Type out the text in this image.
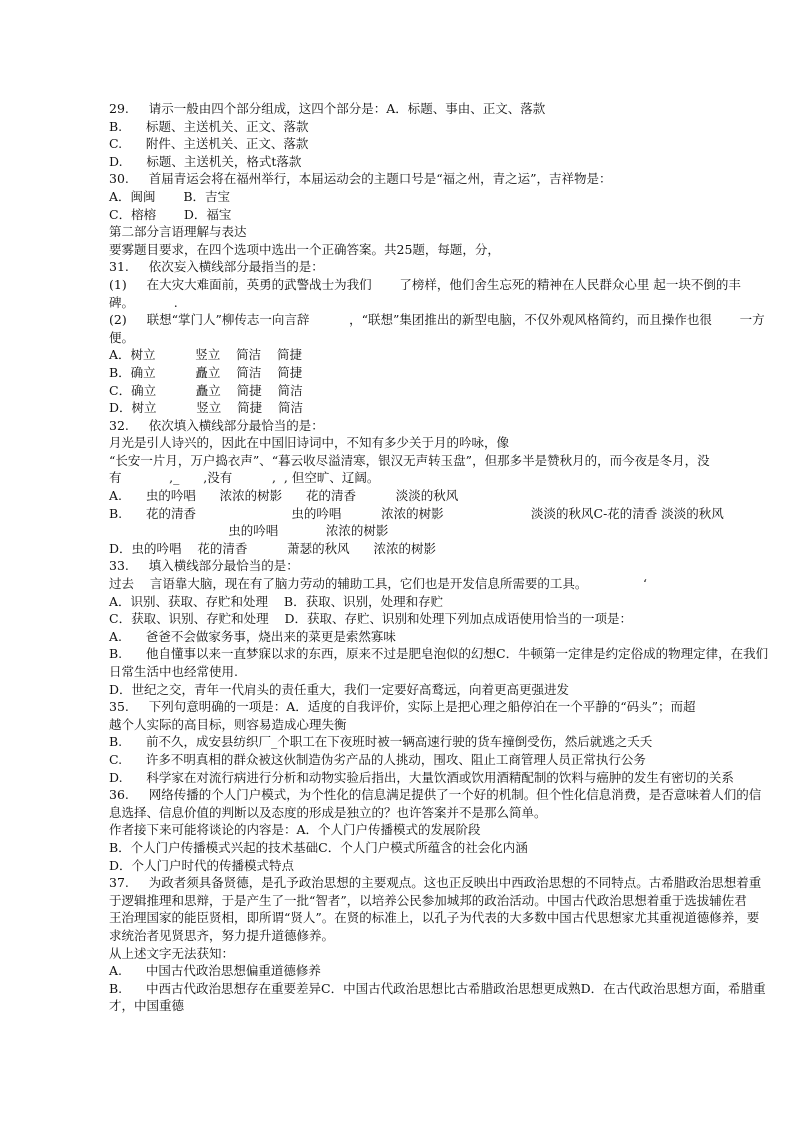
29.     请示一般由四个部分组成，这四个部分是：A．标题、事由、正文、落款
B.      标题、主送机关、正文、落款
C.      附件、主送机关、正文、落款
D.      标题、主送机关，格式t落款
30.     首届青运会将在福州举行，本届运动会的主题口号是“福之州，青之运”，吉祥物是：
A．闽闽       B．吉宝
C．榕榕       D．福宝
第二部分言语理解与表达
要雾题目要求，在四个选项中选出一个正确答案。共25题，每题，分，
31.     依次妄入横线部分最指当的是：
(1)     在大灾大难面前，英勇的武警战士为我们       了榜样，他们舍生忘死的精神在人民群众心里 起一块不倒的丰碑。          .
(2)     联想“掌门人”柳传志一向言辞          ，“联想”集团推出的新型电脑，不仅外观风格简约，而且操作也很       一方便。
A．树立          竖立    简洁    简捷
B．确立          矗立    简洁    简捷
C．确立          矗立    简捷    简洁
D．树立          竖立    简捷    简洁
32.     依次填入横线部分最恰当的是：
月光是引人诗兴的，因此在中国旧诗词中，不知有多少关于月的吟咏，像
“长安一片月，万户捣衣声”、“暮云收尽溢清寒，银汉无声转玉盘”，但那多半是赞秋月的，而今夜是冬月，没有            ,_      ,没有          ,  , 但空旷、辽阔。
A.      虫的吟唱      浓浓的树影      花的清香          淡淡的秋风
B.      花的清香                        虫的吟唱          浓浓的树影                      淡淡的秋风C-花的清香 淡淡的秋风
虫的吟唱            浓浓的树影
D．虫的吟唱    花的清香          萧瑟的秋风      浓浓的树影
33.     填入横线部分最恰当的是：
过去    言语靠大脑，现在有了脑力劳动的辅助工具，它们也是开发信息所需要的工具。              ‘
A．识别、获取、存贮和处理    B．获取、识别，处理和存贮
C．获取、识别、存贮和处理    D．获取、存贮、识别和处理下列加点成语使用恰当的一项是：
A.      爸爸不会做家务事，烧出来的菜更是索然寡味
B.      他自懂事以来一直梦寐以求的东西，原来不过是肥皂泡似的幻想C．牛顿第一定律是约定俗成的物理定律，在我们日常生活中也经常使用.
D．世纪之交，青年一代肩头的责任重大，我们一定要好高鹜远，向着更高更强进发
35.     下列句意明确的一项是：A．适度的自我评价，实际上是把心理之船停泊在一个平静的“码头”；而超
越个人实际的高目标，则容易造成心理失衡
B.      前不久，成安县纺织厂_个职工在下夜班时被一辆高速行驶的货车撞倒受伤，然后就逃之夭夭
C.      许多不明真相的群众被这伙制造伪劣产品的人挑动，围攻、阻止工商管理人员正常执行公务
D.      科学家在对流行病进行分析和动物实验后指出，大量饮酒或饮用酒精配制的饮料与癌肿的发生有密切的关系
36.     网络传播的个人门户模式，为个性化的信息满足提供了一个好的机制。但个性化信息消费，是否意味着人们的信息选择、信息价值的判断以及态度的形成是独立的？也许答案并不是那么简单。
作者接下来可能将谈论的内容是：A．个人门户传播模式的发展阶段
B．个人门户传播模式兴起的技术基础C．个人门户模式所蕴含的社会化内涵
D．个人门户时代的传播模式特点
37.     为政者须具备贤德，是孔予政治思想的主要观点。这也正反映出中西政治思想的不同特点。古希腊政治思想着重于逻辑推理和思辩，于是产生了一批“智者”，以培养公民参加城邦的政治活动。中国古代政治思想着重于选拔辅佐君
王治理国家的能臣贤相，即所谓“贤人”。在贤的标准上，以孔子为代表的大多数中国古代思想家尤其重视道德修养，要求统治者见贤思齐，努力提升道德修养。
从上述文字无法获知：
A.      中国古代政治思想偏重道德修养
B.      中西古代政治思想存在重要差异C．中国古代政治思想比古希腊政治思想更成熟D．在古代政治思想方面，希腊重才，中国重德
